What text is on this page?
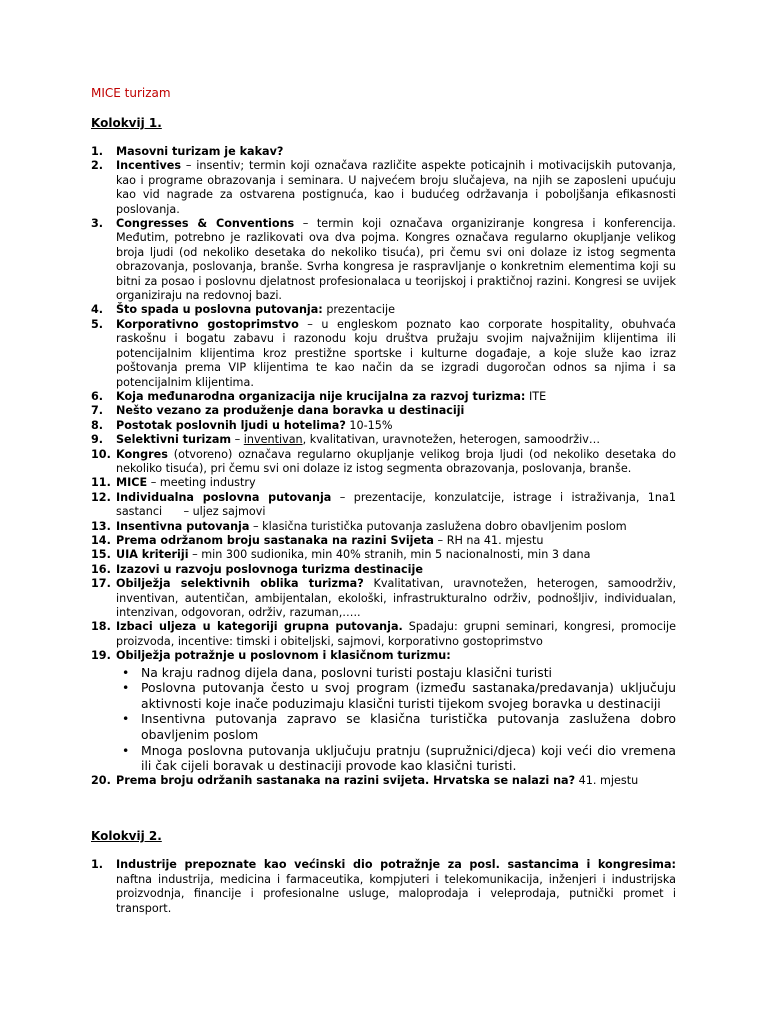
MICE turizam
Kolokvij 1.
1. Masovni turizam je kakav?
2. Incentives – insentiv; termin koji označava različite aspekte poticajnih i motivacijskih putovanja, kao i programe obrazovanja i seminara. U najvećem broju slučajeva, na njih se zaposleni upućuju kao vid nagrade za ostvarena postignuća, kao i budućeg održavanja i poboljšanja efikasnosti poslovanja.
3. Congresses & Conventions – termin koji označava organiziranje kongresa i konferencija. Međutim, potrebno je razlikovati ova dva pojma. Kongres označava regularno okupljanje velikog broja ljudi (od nekoliko desetaka do nekoliko tisuća), pri čemu svi oni dolaze iz istog segmenta obrazovanja, poslovanja, branše. Svrha kongresa je raspravljanje o konkretnim elementima koji su bitni za posao i poslovnu djelatnost profesionalaca u teorijskoj i praktičnoj razini. Kongresi se uvijek organiziraju na redovnoj bazi.
4. Što spada u poslovna putovanja: prezentacije
5. Korporativno gostoprimstvo – u engleskom poznato kao corporate hospitality, obuhvaća raskošnu i bogatu zabavu i razonodu koju društva pružaju svojim najvažnijim klijentima ili potencijalnim klijentima kroz prestižne sportske i kulturne događaje, a koje služe kao izraz poštovanja prema VIP klijentima te kao način da se izgradi dugoročan odnos sa njima i sa potencijalnim klijentima.
6. Koja međunarodna organizacija nije krucijalna za razvoj turizma: ITE
7. Nešto vezano za produženje dana boravka u destinaciji
8. Postotak poslovnih ljudi u hotelima? 10-15%
9. Selektivni turizam – inventivan, kvalitativan, uravnotežen, heterogen, samoodrživ…
10. Kongres (otvoreno) označava regularno okupljanje velikog broja ljudi (od nekoliko desetaka do nekoliko tisuća), pri čemu svi oni dolaze iz istog segmenta obrazovanja, poslovanja, branše.
11. MICE – meeting industry
12. Individualna poslovna putovanja – prezentacije, konzulatcije, istrage i istraživanja, 1na1 sastanci      – uljez sajmovi
13. Insentivna putovanja – klasična turistička putovanja zaslužena dobro obavljenim poslom
14. Prema održanom broju sastanaka na razini Svijeta – RH na 41. mjestu
15. UIA kriteriji – min 300 sudionika, min 40% stranih, min 5 nacionalnosti, min 3 dana
16. Izazovi u razvoju poslovnoga turizma destinacije
17. Obilježja selektivnih oblika turizma? Kvalitativan, uravnotežen, heterogen, samoodrživ, inventivan, autentičan, ambijentalan, ekološki, infrastrukturalno održiv, podnošljiv, individualan, intenzivan, odgovoran, održiv, razuman,…..
18. Izbaci uljeza u kategoriji grupna putovanja. Spadaju: grupni seminari, kongresi, promocije proizvoda, incentive: timski i obiteljski, sajmovi, korporativno gostoprimstvo
19. Obilježja potražnje u poslovnom i klasičnom turizmu:
• Na kraju radnog dijela dana, poslovni turisti postaju klasični turisti
• Poslovna putovanja često u svoj program (između sastanaka/predavanja) uključuju aktivnosti koje inače poduzimaju klasični turisti tijekom svojeg boravka u destinaciji
• Insentivna putovanja zapravo se klasična turistička putovanja zaslužena dobro obavljenim poslom
• Mnoga poslovna putovanja uključuju pratnju (supružnici/djeca) koji veći dio vremena ili čak cijeli boravak u destinaciji provode kao klasični turisti.
20. Prema broju održanih sastanaka na razini svijeta. Hrvatska se nalazi na? 41. mjestu
Kolokvij 2.
1. Industrije prepoznate kao većinski dio potražnje za posl. sastancima i kongresima: naftna industrija, medicina i farmaceutika, kompjuteri i telekomunikacija, inženjeri i industrijska proizvodnja, financije i profesionalne usluge, maloprodaja i veleprodaja, putnički promet i transport.
